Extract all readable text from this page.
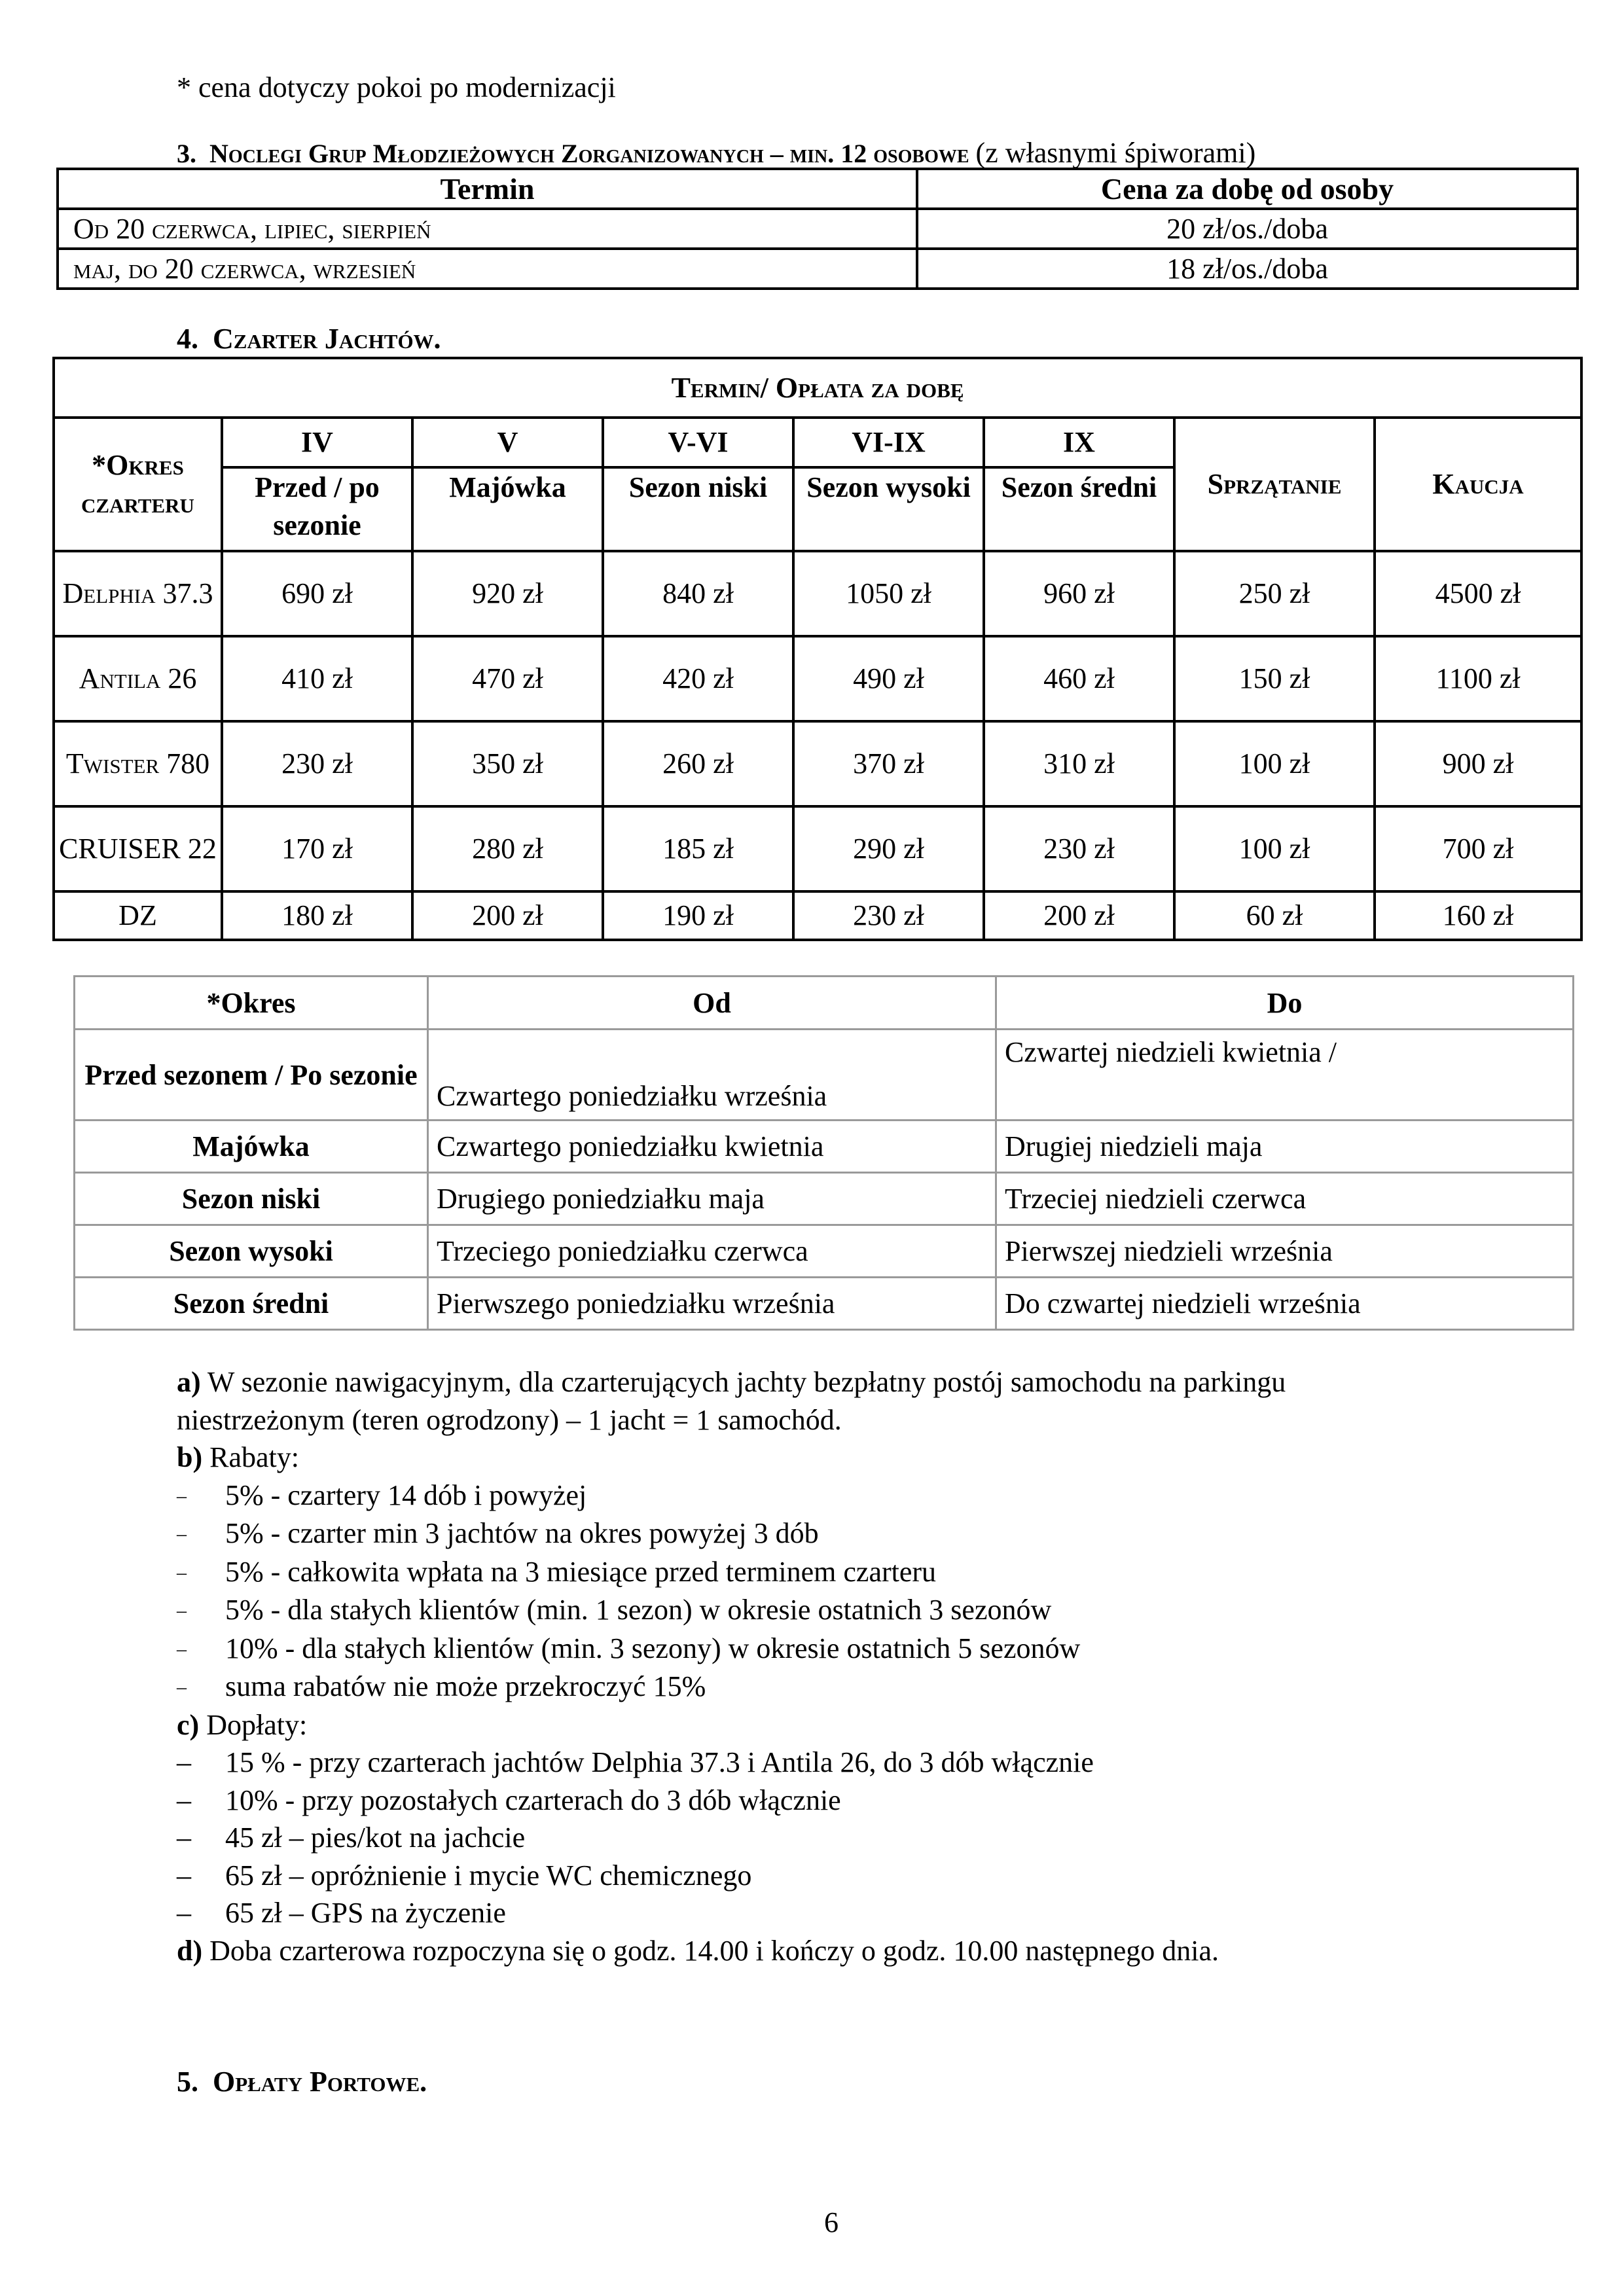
* cena dotyczy pokoi po modernizacji
3. Noclegi Grup Młodzieżowych Zorganizowanych – min. 12 osobowe (z własnymi śpiworami)
Termin	Cena za dobę od osoby
Od 20 czerwca, lipiec, sierpień	20 zł/os./doba
maj, do 20 czerwca, wrzesień	18 zł/os./doba
4. Czarter Jachtów.
Termin/ Opłata za dobę							
*Okres czarteru	IV	V	V-VI	VI-IX	IX	Sprzątanie	Kaucja
	Przed / po sezonie	Majówka	Sezon niski	Sezon wysoki	Sezon średni		
Delphia 37.3	690 zł	920 zł	840 zł	1050 zł	960 zł	250 zł	4500 zł
Antila 26	410 zł	470 zł	420 zł	490 zł	460 zł	150 zł	1100 zł
Twister 780	230 zł	350 zł	260 zł	370 zł	310 zł	100 zł	900 zł
CRUISER 22	170 zł	280 zł	185 zł	290 zł	230 zł	100 zł	700 zł
DZ	180 zł	200 zł	190 zł	230 zł	200 zł	60 zł	160 zł
*Okres	Od	Do
Przed sezonem / Po sezonie	Czwartego poniedziałku września	Czwartej niedzieli kwietnia /
Majówka	Czwartego poniedziałku kwietnia	Drugiej niedzieli maja
Sezon niski	Drugiego poniedziałku maja	Trzeciej niedzieli czerwca
Sezon wysoki	Trzeciego poniedziałku czerwca	Pierwszej niedzieli września
Sezon średni	Pierwszego poniedziałku września	Do czwartej niedzieli września
a) W sezonie nawigacyjnym, dla czarterujących jachty bezpłatny postój samochodu na parkingu
niestrzeżonym (teren ogrodzony) – 1 jacht = 1 samochód.
b) Rabaty:
– 5% - czartery 14 dób i powyżej
– 5% - czarter min 3 jachtów na okres powyżej 3 dób
– 5% - całkowita wpłata na 3 miesiące przed terminem czarteru
– 5% - dla stałych klientów (min. 1 sezon) w okresie ostatnich 3 sezonów
– 10% - dla stałych klientów (min. 3 sezony) w okresie ostatnich 5 sezonów
– suma rabatów nie może przekroczyć 15%
c) Dopłaty:
– 15 % - przy czarterach jachtów Delphia 37.3 i Antila 26, do 3 dób włącznie
– 10% - przy pozostałych czarterach do 3 dób włącznie
– 45 zł – pies/kot na jachcie
– 65 zł – opróżnienie i mycie WC chemicznego
– 65 zł – GPS na życzenie
d) Doba czarterowa rozpoczyna się o godz. 14.00 i kończy o godz. 10.00 następnego dnia.
5. Opłaty Portowe.
6
